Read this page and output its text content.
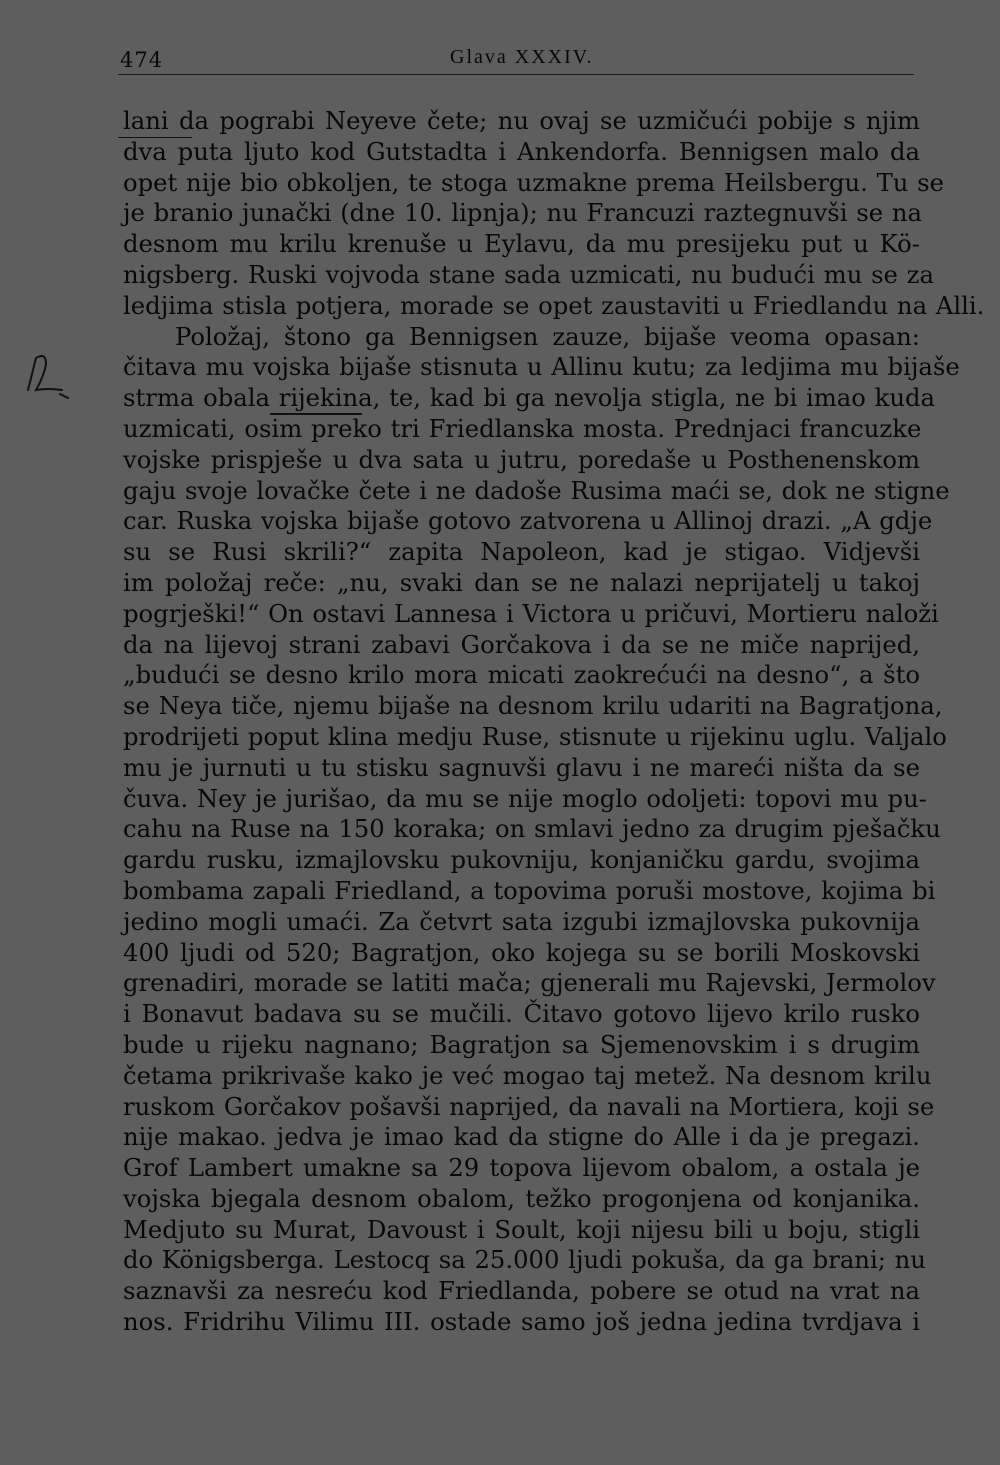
474	Glava XXXIV.
lani da pograbi Neyeve čete; nu ovaj se uzmičući pobije s njim
dva puta ljuto kod Gutstadta i Ankendorfa. Bennigsen malo da
opet nije bio obkoljen, te stoga uzmakne prema Heilsbergu. Tu se
je branio junački (dne 10. lipnja); nu Francuzi raztegnuvši se na
desnom mu krilu krenuše u Eylavu, da mu presijeku put u Kö-
nigsberg. Ruski vojvoda stane sada uzmicati, nu budući mu se za
ledjima stisla potjera, morade se opet zaustaviti u Friedlandu na Alli.
Položaj, štono ga Bennigsen zauze, bijaše veoma opasan:
čitava mu vojska bijaše stisnuta u Allinu kutu; za ledjima mu bijaše
strma obala rijekina, te, kad bi ga nevolja stigla, ne bi imao kuda
uzmicati, osim preko tri Friedlanska mosta. Prednjaci francuzke
vojske prispješe u dva sata u jutru, poredaše u Posthenenskom
gaju svoje lovačke čete i ne dadoše Rusima maći se, dok ne stigne
car. Ruska vojska bijaše gotovo zatvorena u Allinoj drazi. „A gdje
su se Rusi skrili?“ zapita Napoleon, kad je stigao. Vidjevši
im položaj reče: „nu, svaki dan se ne nalazi neprijatelj u takoj
pogrješki!“ On ostavi Lannesa i Victora u pričuvi, Mortieru naloži
da na lijevoj strani zabavi Gorčakova i da se ne miče naprijed,
„budući se desno krilo mora micati zaokrećući na desno“, a što
se Neya tiče, njemu bijaše na desnom krilu udariti na Bagratjona,
prodrijeti poput klina medju Ruse, stisnute u rijekinu uglu. Valjalo
mu je jurnuti u tu stisku sagnuvši glavu i ne mareći ništa da se
čuva. Ney je jurišao, da mu se nije moglo odoljeti: topovi mu pu-
cahu na Ruse na 150 koraka; on smlavi jedno za drugim pješačku
gardu rusku, izmajlovsku pukovniju, konjaničku gardu, svojima
bombama zapali Friedland, a topovima poruši mostove, kojima bi
jedino mogli umaći. Za četvrt sata izgubi izmajlovska pukovnija
400 ljudi od 520; Bagratjon, oko kojega su se borili Moskovski
grenadiri, morade se latiti mača; gjenerali mu Rajevski, Jermolov
i Bonavut badava su se mučili. Čitavo gotovo lijevo krilo rusko
bude u rijeku nagnano; Bagratjon sa Sjemenovskim i s drugim
četama prikrivaše kako je već mogao taj metež. Na desnom krilu
ruskom Gorčakov pošavši naprijed, da navali na Mortiera, koji se
nije makao. jedva je imao kad da stigne do Alle i da je pregazi.
Grof Lambert umakne sa 29 topova lijevom obalom, a ostala je
vojska bjegala desnom obalom, težko progonjena od konjanika.
Medjuto su Murat, Davoust i Soult, koji nijesu bili u boju, stigli
do Königsberga. Lestocq sa 25.000 ljudi pokuša, da ga brani; nu
saznavši za nesreću kod Friedlanda, pobere se otud na vrat na
nos. Fridrihu Vilimu III. ostade samo još jedna jedina tvrdjava i
